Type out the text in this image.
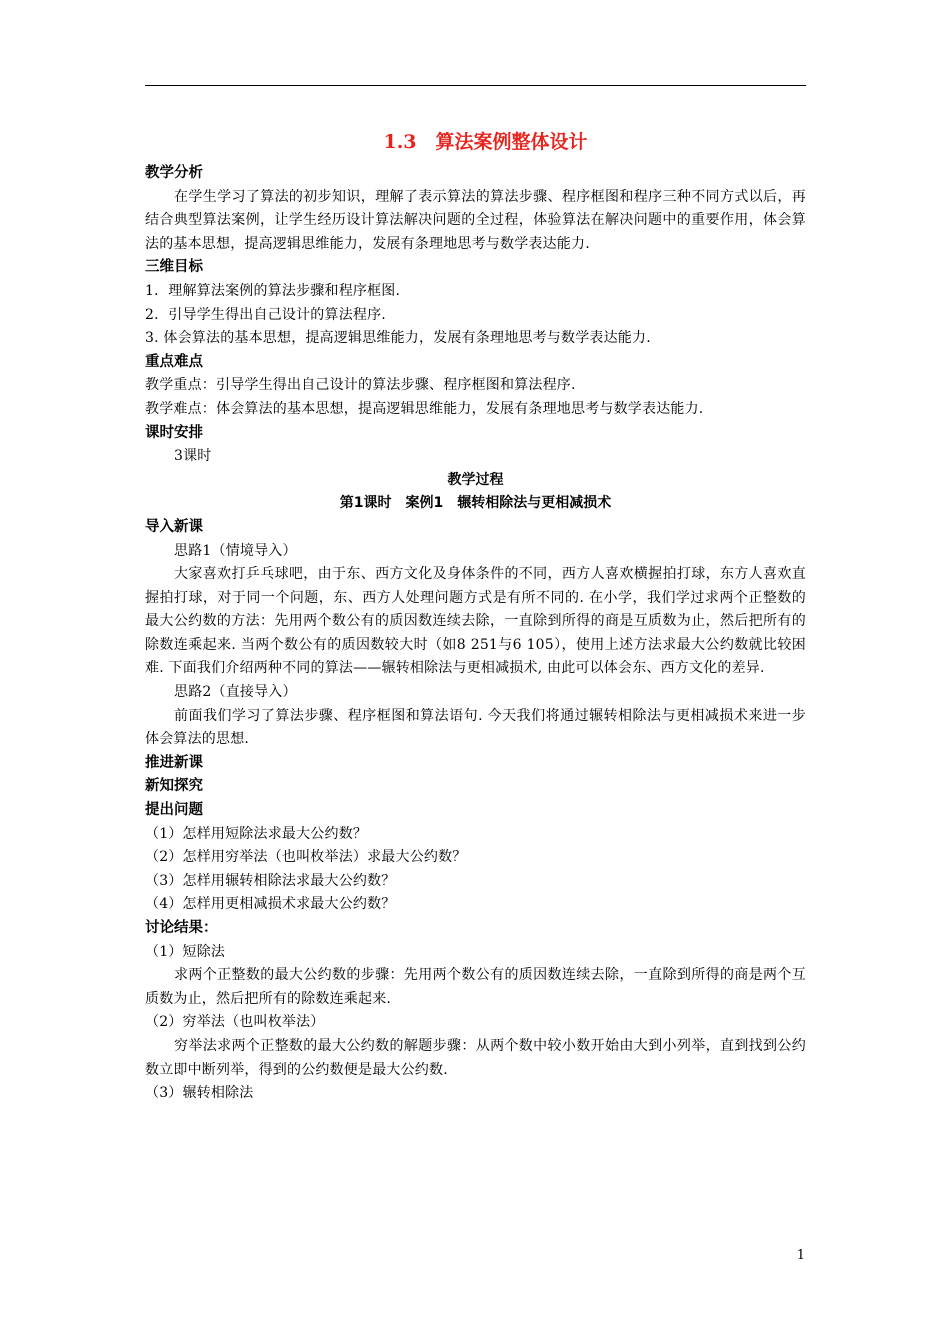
1.3　算法案例整体设计
教学分析
在学生学习了算法的初步知识，理解了表示算法的算法步骤、程序框图和程序三种不同方式以后，再结合典型算法案例，让学生经历设计算法解决问题的全过程，体验算法在解决问题中的重要作用，体会算法的基本思想，提高逻辑思维能力，发展有条理地思考与数学表达能力.
三维目标
1．理解算法案例的算法步骤和程序框图.
2．引导学生得出自己设计的算法程序.
3. 体会算法的基本思想，提高逻辑思维能力，发展有条理地思考与数学表达能力.
重点难点
教学重点：引导学生得出自己设计的算法步骤、程序框图和算法程序.
教学难点：体会算法的基本思想，提高逻辑思维能力，发展有条理地思考与数学表达能力.
课时安排
3课时
教学过程
第1课时　案例1　辗转相除法与更相减损术
导入新课
思路1（情境导入）
大家喜欢打乒乓球吧，由于东、西方文化及身体条件的不同，西方人喜欢横握拍打球，东方人喜欢直握拍打球，对于同一个问题，东、西方人处理问题方式是有所不同的. 在小学，我们学过求两个正整数的最大公约数的方法：先用两个数公有的质因数连续去除，一直除到所得的商是互质数为止，然后把所有的除数连乘起来. 当两个数公有的质因数较大时（如8 251与6 105），使用上述方法求最大公约数就比较困难. 下面我们介绍两种不同的算法——辗转相除法与更相减损术, 由此可以体会东、西方文化的差异.
思路2（直接导入）
前面我们学习了算法步骤、程序框图和算法语句. 今天我们将通过辗转相除法与更相减损术来进一步体会算法的思想.
推进新课
新知探究
提出问题
（1）怎样用短除法求最大公约数？
（2）怎样用穷举法（也叫枚举法）求最大公约数？
（3）怎样用辗转相除法求最大公约数？
（4）怎样用更相减损术求最大公约数？
讨论结果：
（1）短除法
求两个正整数的最大公约数的步骤：先用两个数公有的质因数连续去除，一直除到所得的商是两个互质数为止，然后把所有的除数连乘起来.
（2）穷举法（也叫枚举法）
穷举法求两个正整数的最大公约数的解题步骤：从两个数中较小数开始由大到小列举，直到找到公约数立即中断列举，得到的公约数便是最大公约数.
（3）辗转相除法
1
